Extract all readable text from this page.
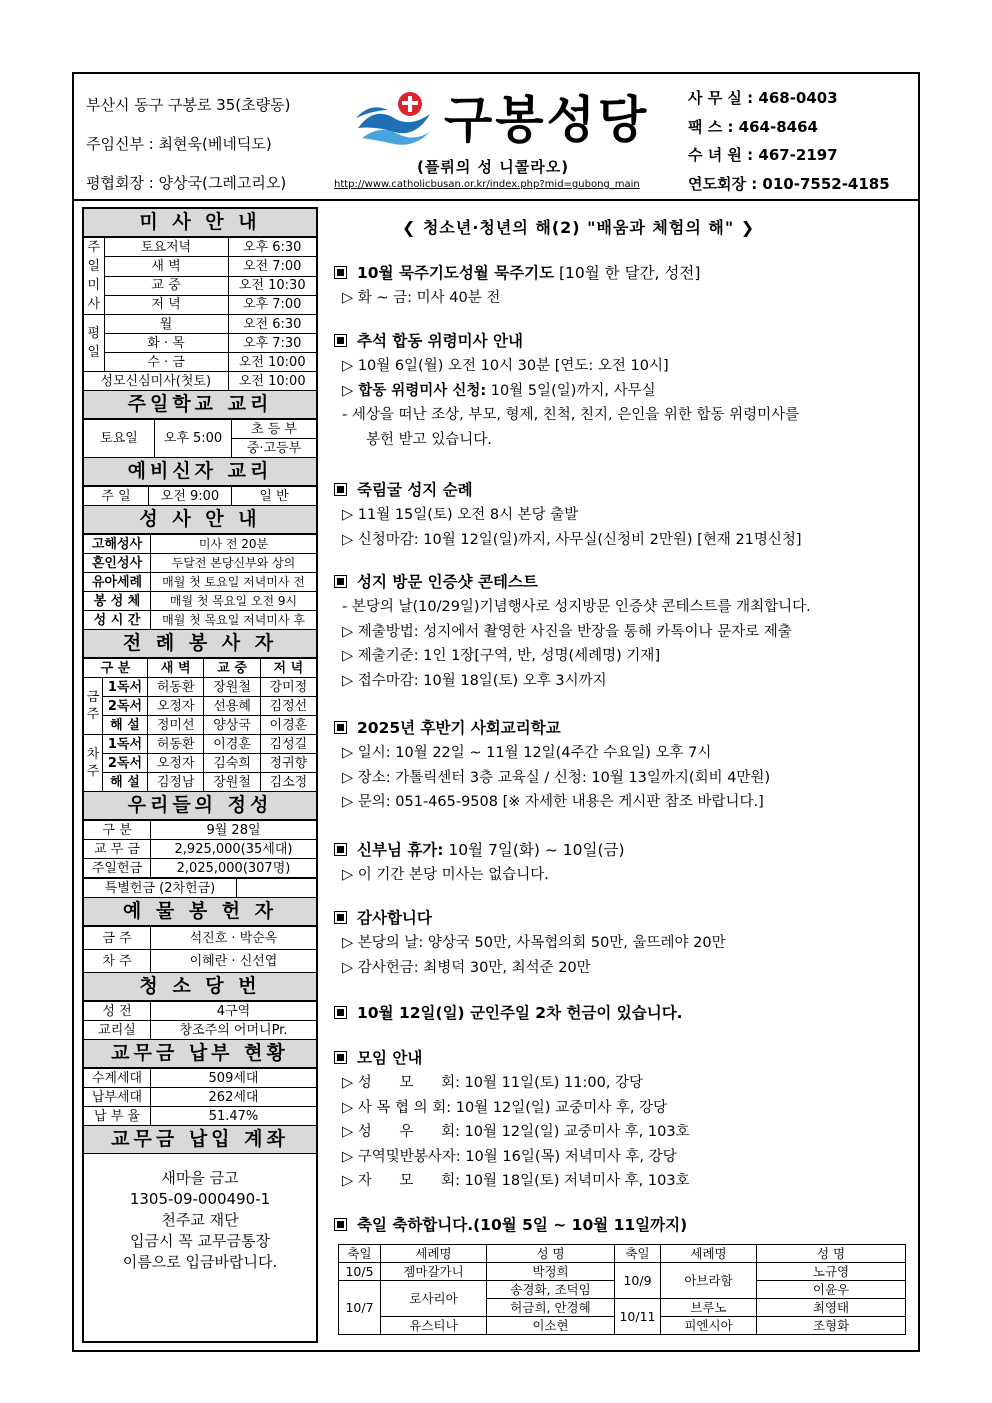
부산시 동구 구봉로 35(초량동)
주임신부 : 최현욱(베네딕도)
평협회장 : 양상국(그레고리오)
구봉성당
(플뤼의 성 니콜라오)
http://www.catholicbusan.or.kr/index.php?mid=gubong_main
사 무 실 : 468-0403
팩 스 : 464-8464
수 녀 원 : 467-2197
연도회장 : 010-7552-4185
미 사 안 내
주
일
미
사	토요저녁	오후 6:30
	새 벽	오전 7:00
	교 중	오전 10:30
	저 녁	오후 7:00
평
일	월	오전 6:30
	화 · 목	오후 7:30
	수 · 금	오전 10:00
성모신심미사(첫토)		오전 10:00
주일학교 교리
토요일	오후 5:00	초 등 부
중·고등부
예비신자 교리
주 일	오전 9:00	일 반
성 사 안 내
고해성사	미사 전 20분
혼인성사	두달전 본당신부와 상의
유아세례	매월 첫 토요일 저녁미사 전
봉 성 체	매월 첫 목요일 오전 9시
성 시 간	매월 첫 목요일 저녁미사 후
전 례 봉 사 자
구 분		새 벽	교 중	저 녁
금
주	1독서	허동환	장원철	강미정
	2독서	오정자	선용혜	김정선
	해 설	정미선	양상국	이경훈
차
주	1독서	허동환	이경훈	김성길
	2독서	오정자	김숙희	정귀향
	해 설	김정남	장원철	김소정
우리들의 정성
구 분	9월 28일
교 무 금	2,925,000(35세대)
주일헌금	2,025,000(307명)
특별헌금 (2차헌금)	
예 물 봉 헌 자
금 주	석진호 · 박순옥
차 주	이혜란 · 신선엽
청 소 당 번
성 전	4구역
교리실	창조주의 어머니Pr.
교무금 납부 현황
수계세대	509세대
납부세대	262세대
납 부 율	51.47%
교무금 납입 계좌
새마을 금고
1305-09-000490-1
천주교 재단
입금시 꼭 교무금통장
이름으로 입금바랍니다.
❮ 청소년·청년의 해(2) "배움과 체험의 해" ❯
10월 묵주기도성월 묵주기도 [10월 한 달간, 성전]
▷ 화 ~ 금: 미사 40분 전
추석 합동 위령미사 안내
▷ 10월 6일(월) 오전 10시 30분 [연도: 오전 10시]
▷ 합동 위령미사 신청: 10월 5일(일)까지, 사무실
- 세상을 떠난 조상, 부모, 형제, 친척, 친지, 은인을 위한 합동 위령미사를
봉헌 받고 있습니다.
죽림굴 성지 순례
▷ 11월 15일(토) 오전 8시 본당 출발
▷ 신청마감: 10월 12일(일)까지, 사무실(신청비 2만원) [현재 21명신청]
성지 방문 인증샷 콘테스트
- 본당의 날(10/29일)기념행사로 성지방문 인증샷 콘테스트를 개최합니다.
▷ 제출방법: 성지에서 촬영한 사진을 반장을 통해 카톡이나 문자로 제출
▷ 제출기준: 1인 1장[구역, 반, 성명(세례명) 기재]
▷ 접수마감: 10월 18일(토) 오후 3시까지
2025년 후반기 사회교리학교
▷ 일시: 10월 22일 ~ 11월 12일(4주간 수요일) 오후 7시
▷ 장소: 가톨릭센터 3층 교육실 / 신청: 10월 13일까지(회비 4만원)
▷ 문의: 051-465-9508 [※ 자세한 내용은 게시판 참조 바랍니다.]
신부님 휴가: 10월 7일(화) ~ 10일(금)
▷ 이 기간 본당 미사는 없습니다.
감사합니다
▷ 본당의 날: 양상국 50만, 사목협의회 50만, 울뜨레야 20만
▷ 감사헌금: 최병덕 30만, 최석준 20만
10월 12일(일) 군인주일 2차 헌금이 있습니다.
모임 안내
▷ 성      모      회: 10월 11일(토) 11:00, 강당
▷ 사 목 협 의 회: 10월 12일(일) 교중미사 후, 강당
▷ 성      우      회: 10월 12일(일) 교중미사 후, 103호
▷ 구역및반봉사자: 10월 16일(목) 저녁미사 후, 강당
▷ 자      모      회: 10월 18일(토) 저녁미사 후, 103호
축일 축하합니다.(10월 5일 ~ 10월 11일까지)
축일	세례명	성 명	축일	세례명	성 명
10/5	젬마갈가니	박정희	10/9	아브라함	노규영
10/7	로사리아	송경화, 조덕임			이윤우
		허금희, 안경혜	10/11	브루노	최영태
	유스티나	이소현		피엔시아	조형화
